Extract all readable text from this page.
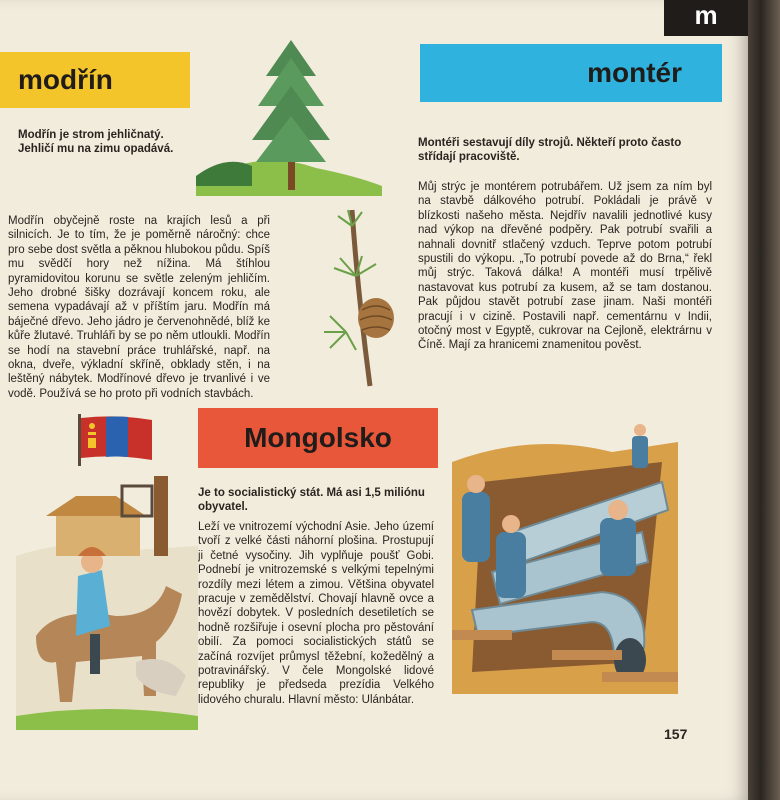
m
modřín

Modřín je strom jehličnatý. Jehličí mu na zimu opadává.

Modřín obyčejně roste na krajích lesů a při silnicích. Je to tím, že je poměrně náročný: chce pro sebe dost světla a pěknou hlubokou půdu. Spíš mu svědčí hory než nížina. Má štíhlou pyramidovitou korunu se světle zeleným jehličím. Jeho drobné šišky dozrávají koncem roku, ale semena vypadávají až v příštím jaru. Modřín má báječné dřevo. Jeho jádro je červenohnědé, blíž ke kůře žlutavé. Truhláři by se po něm utloukli. Modřín se hodí na stavební práce truhlářské, např. na okna, dveře, výkladní skříně, obklady stěn, i na leštěný nábytek. Modřínové dřevo je trvanlivé i ve vodě. Používá se ho proto při vodních stavbách.

montér

Montéři sestavují díly strojů. Někteří proto často střídají pracoviště.

Můj strýc je montérem potrubářem. Už jsem za ním byl na stavbě dálkového potrubí. Pokládali je právě v blízkosti našeho města. Nejdřív navalili jednotlivé kusy nad výkop na dřevěné podpěry. Pak potrubí svařili a nahnali dovnitř stlačený vzduch. Teprve potom potrubí spustili do výkopu. „To potrubí povede až do Brna,“ řekl můj strýc. Taková dálka! A montéři musí trpělivě nastavovat kus potrubí za kusem, až se tam dostanou. Pak půjdou stavět potrubí zase jinam. Naši montéři pracují i v cizině. Postavili např. cementárnu v Indii, otočný most v Egyptě, cukrovar na Cejloně, elektrárnu v Číně. Mají za hranicemi znamenitou pověst.

Mongolsko

Je to socialistický stát. Má asi 1,5 miliónu obyvatel.

Leží ve vnitrozemí východní Asie. Jeho území tvoří z velké části náhorní plošina. Prostupují ji četné vysočiny. Jih vyplňuje poušť Gobi. Podnebí je vnitrozemské s velkými tepelnými rozdíly mezi létem a zimou. Většina obyvatel pracuje v zemědělství. Chovají hlavně ovce a hovězí dobytek. V posledních desetiletích se hodně rozšiřuje i osevní plocha pro pěstování obilí. Za pomoci socialistických států se začíná rozvíjet průmysl těžební, kožedělný a potravinářský. V čele Mongolské lidové republiky je předseda prezídia Velkého lidového churalu. Hlavní město: Ulánbátar.

157
